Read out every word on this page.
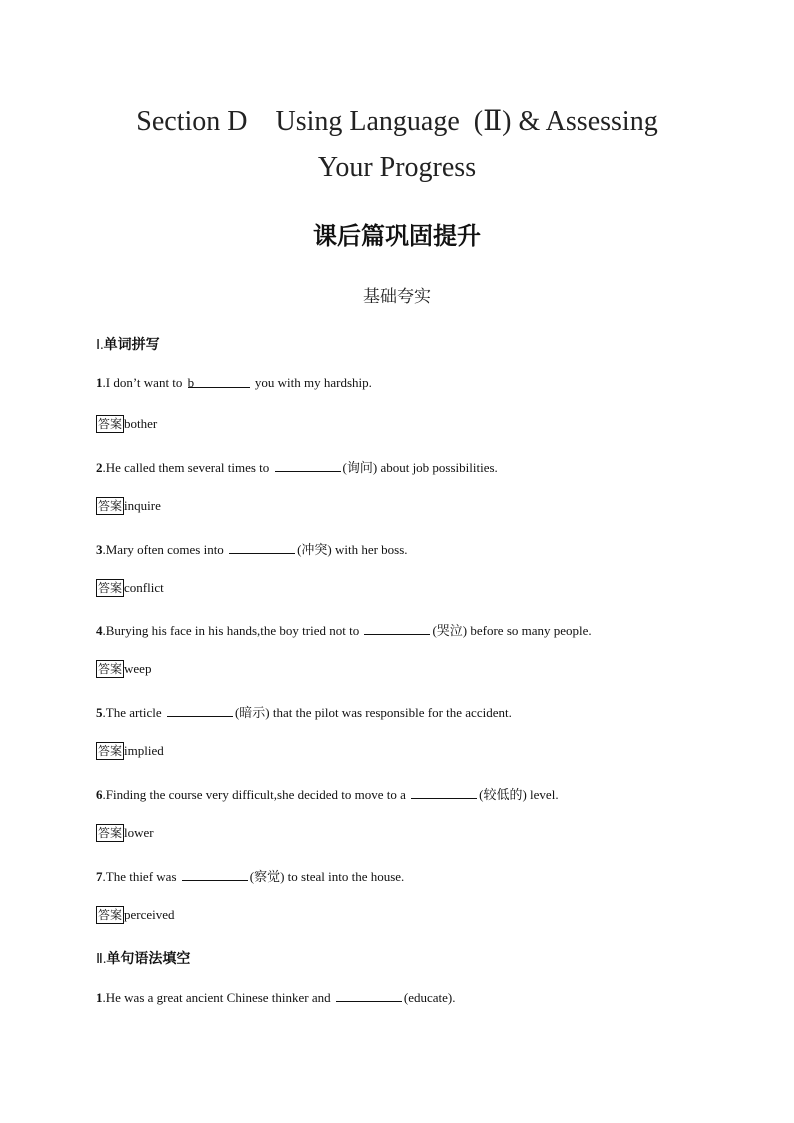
Section D    Using Language  (Ⅱ) & Assessing
Your Progress
课后篇巩固提升
基础夸实
Ⅰ.单词拼写
1.I don’t want to b	you with my hardship.
答案 bother
2.He called them several times to	(询问) about job possibilities.
答案 inquire
3.Mary often comes into	(冲突) with her boss.
答案 conflict
4.Burying his face in his hands,the boy tried not to	(哭泣) before so many people.
答案 weep
5.The article	(暗示) that the pilot was responsible for the accident.
答案 implied
6.Finding the course very difficult,she decided to move to a	(较低的) level.
答案 lower
7.The thief was	(察觉) to steal into the house.
答案 perceived
Ⅱ.单句语法填空
1.He was a great ancient Chinese thinker and	(educate).
